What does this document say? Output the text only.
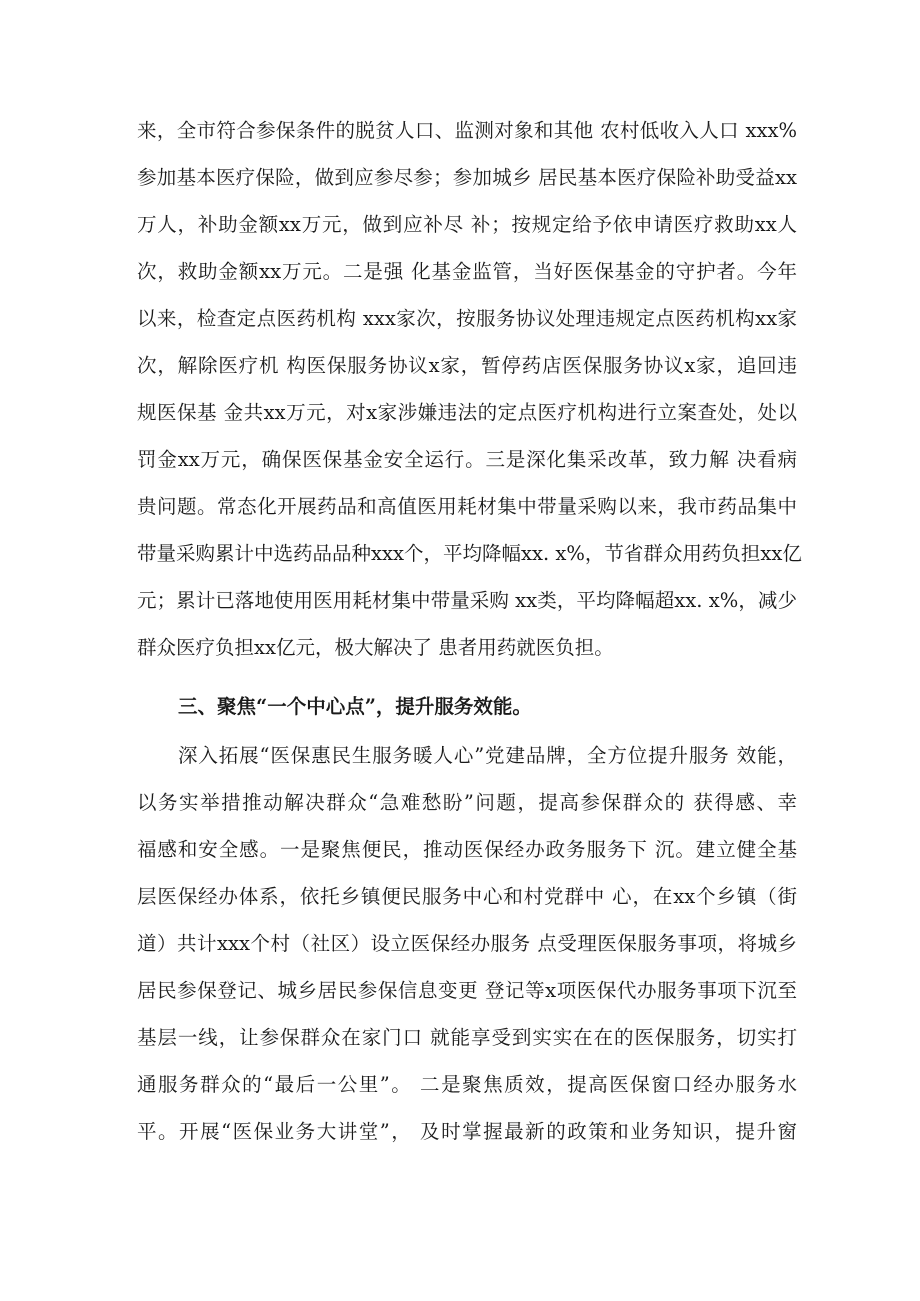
来，全市符合参保条件的脱贫人口、监测对象和其他 农村低收入人口 xxx%
参加基本医疗保险，做到应参尽参；参加城乡 居民基本医疗保险补助受益xx
万人，补助金额xx万元，做到应补尽 补；按规定给予依申请医疗救助xx人
次，救助金额xx万元。二是强 化基金监管，当好医保基金的守护者。今年
以来，检查定点医药机构 xxx家次，按服务协议处理违规定点医药机构xx家
次，解除医疗机 构医保服务协议x家，暂停药店医保服务协议x家，追回违
规医保基 金共xx万元，对x家涉嫌违法的定点医疗机构进行立案查处，处以
罚金xx万元，确保医保基金安全运行。三是深化集采改革，致力解 决看病
贵问题。常态化开展药品和高值医用耗材集中带量采购以来，我市药品集中
带量采购累计中选药品品种xxx个，平均降幅xx. x%，节省群众用药负担xx亿
元；累计已落地使用医用耗材集中带量采购 xx类，平均降幅超xx. x%，减少
群众医疗负担xx亿元，极大解决了 患者用药就医负担。
三、聚焦“一个中心点”，提升服务效能。
深入拓展“医保惠民生服务暖人心”党建品牌，全方位提升服务 效能，
以务实举措推动解决群众“急难愁盼”问题，提高参保群众的 获得感、幸
福感和安全感。一是聚焦便民，推动医保经办政务服务下 沉。建立健全基
层医保经办体系，依托乡镇便民服务中心和村党群中 心，在xx个乡镇（街
道）共计xxx个村（社区）设立医保经办服务 点受理医保服务事项，将城乡
居民参保登记、城乡居民参保信息变更 登记等x项医保代办服务事项下沉至
基层一线，让参保群众在家门口 就能享受到实实在在的医保服务，切实打
通服务群众的“最后一公里”。 二是聚焦质效，提高医保窗口经办服务水
平。开展“医保业务大讲堂”， 及时掌握最新的政策和业务知识，提升窗
